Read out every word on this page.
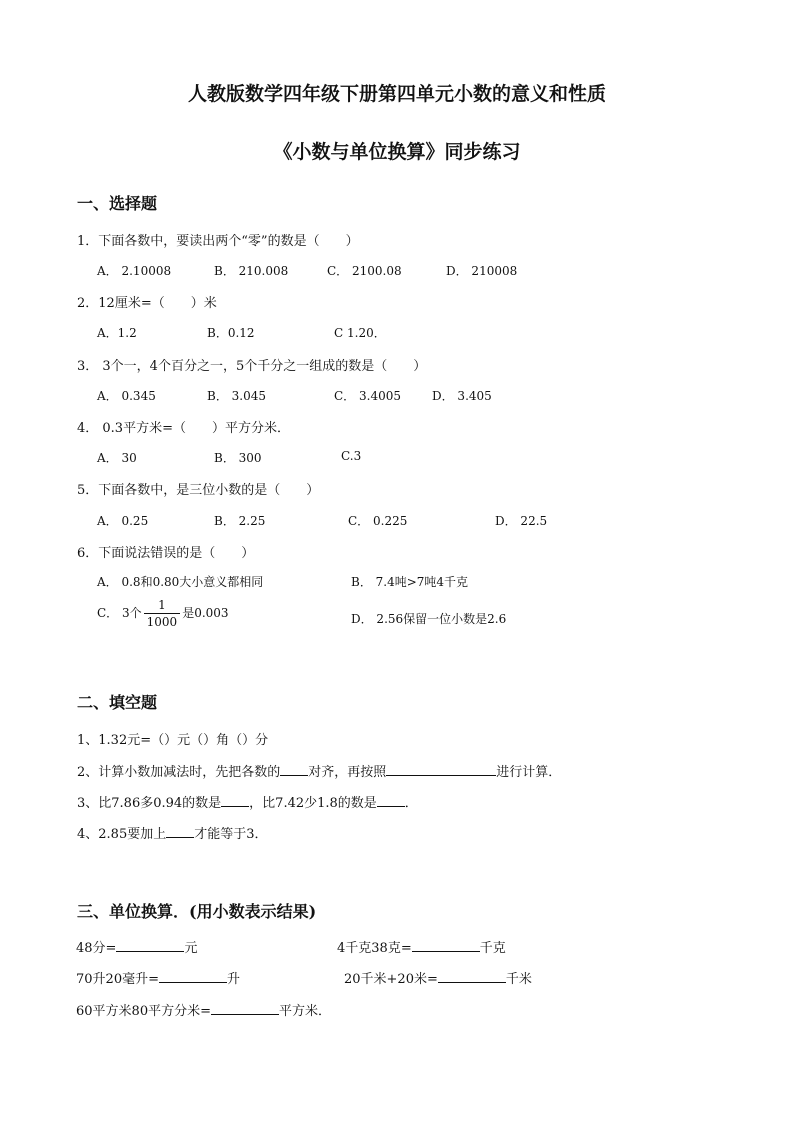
人教版数学四年级下册第四单元小数的意义和性质
《小数与单位换算》同步练习
一、选择题
1．下面各数中，要读出两个“零”的数是（　　）
A． 2.10008	B． 210.008	C． 2100.08	D． 210008
2．12厘米=（　　）米
A．1.2	B．0.12	C 1.20．
3． 3个一，4个百分之一，5个千分之一组成的数是（　　）
A． 0.345	B． 3.045	C． 3.4005	D． 3.405
4． 0.3平方米=（　　）平方分米．
A． 30	B． 300	C.3
5．下面各数中，是三位小数的是（　　）
A． 0.25	B． 2.25	C． 0.225	D． 22.5
6．下面说法错误的是（　　）
A． 0.8和0.80大小意义都相同	B． 7.4吨>7吨4千克
C． 3个 $\frac{1}{1000}$ 是0.003	D． 2.56保留一位小数是2.6
二、填空题
1、1.32元=（）元（）角（）分
2、计算小数加减法时，先把各数的 对齐，再按照	进行计算．
3、比7.86多0.94的数是 ，比7.42少1.8的数是 ．
4、2.85要加上 才能等于3．
三、单位换算．(用小数表示结果)
48分=	元	4千克38克=	千克
70升20毫升=	升	20千米+20米=	千米
60平方米80平方分米=	平方米．
